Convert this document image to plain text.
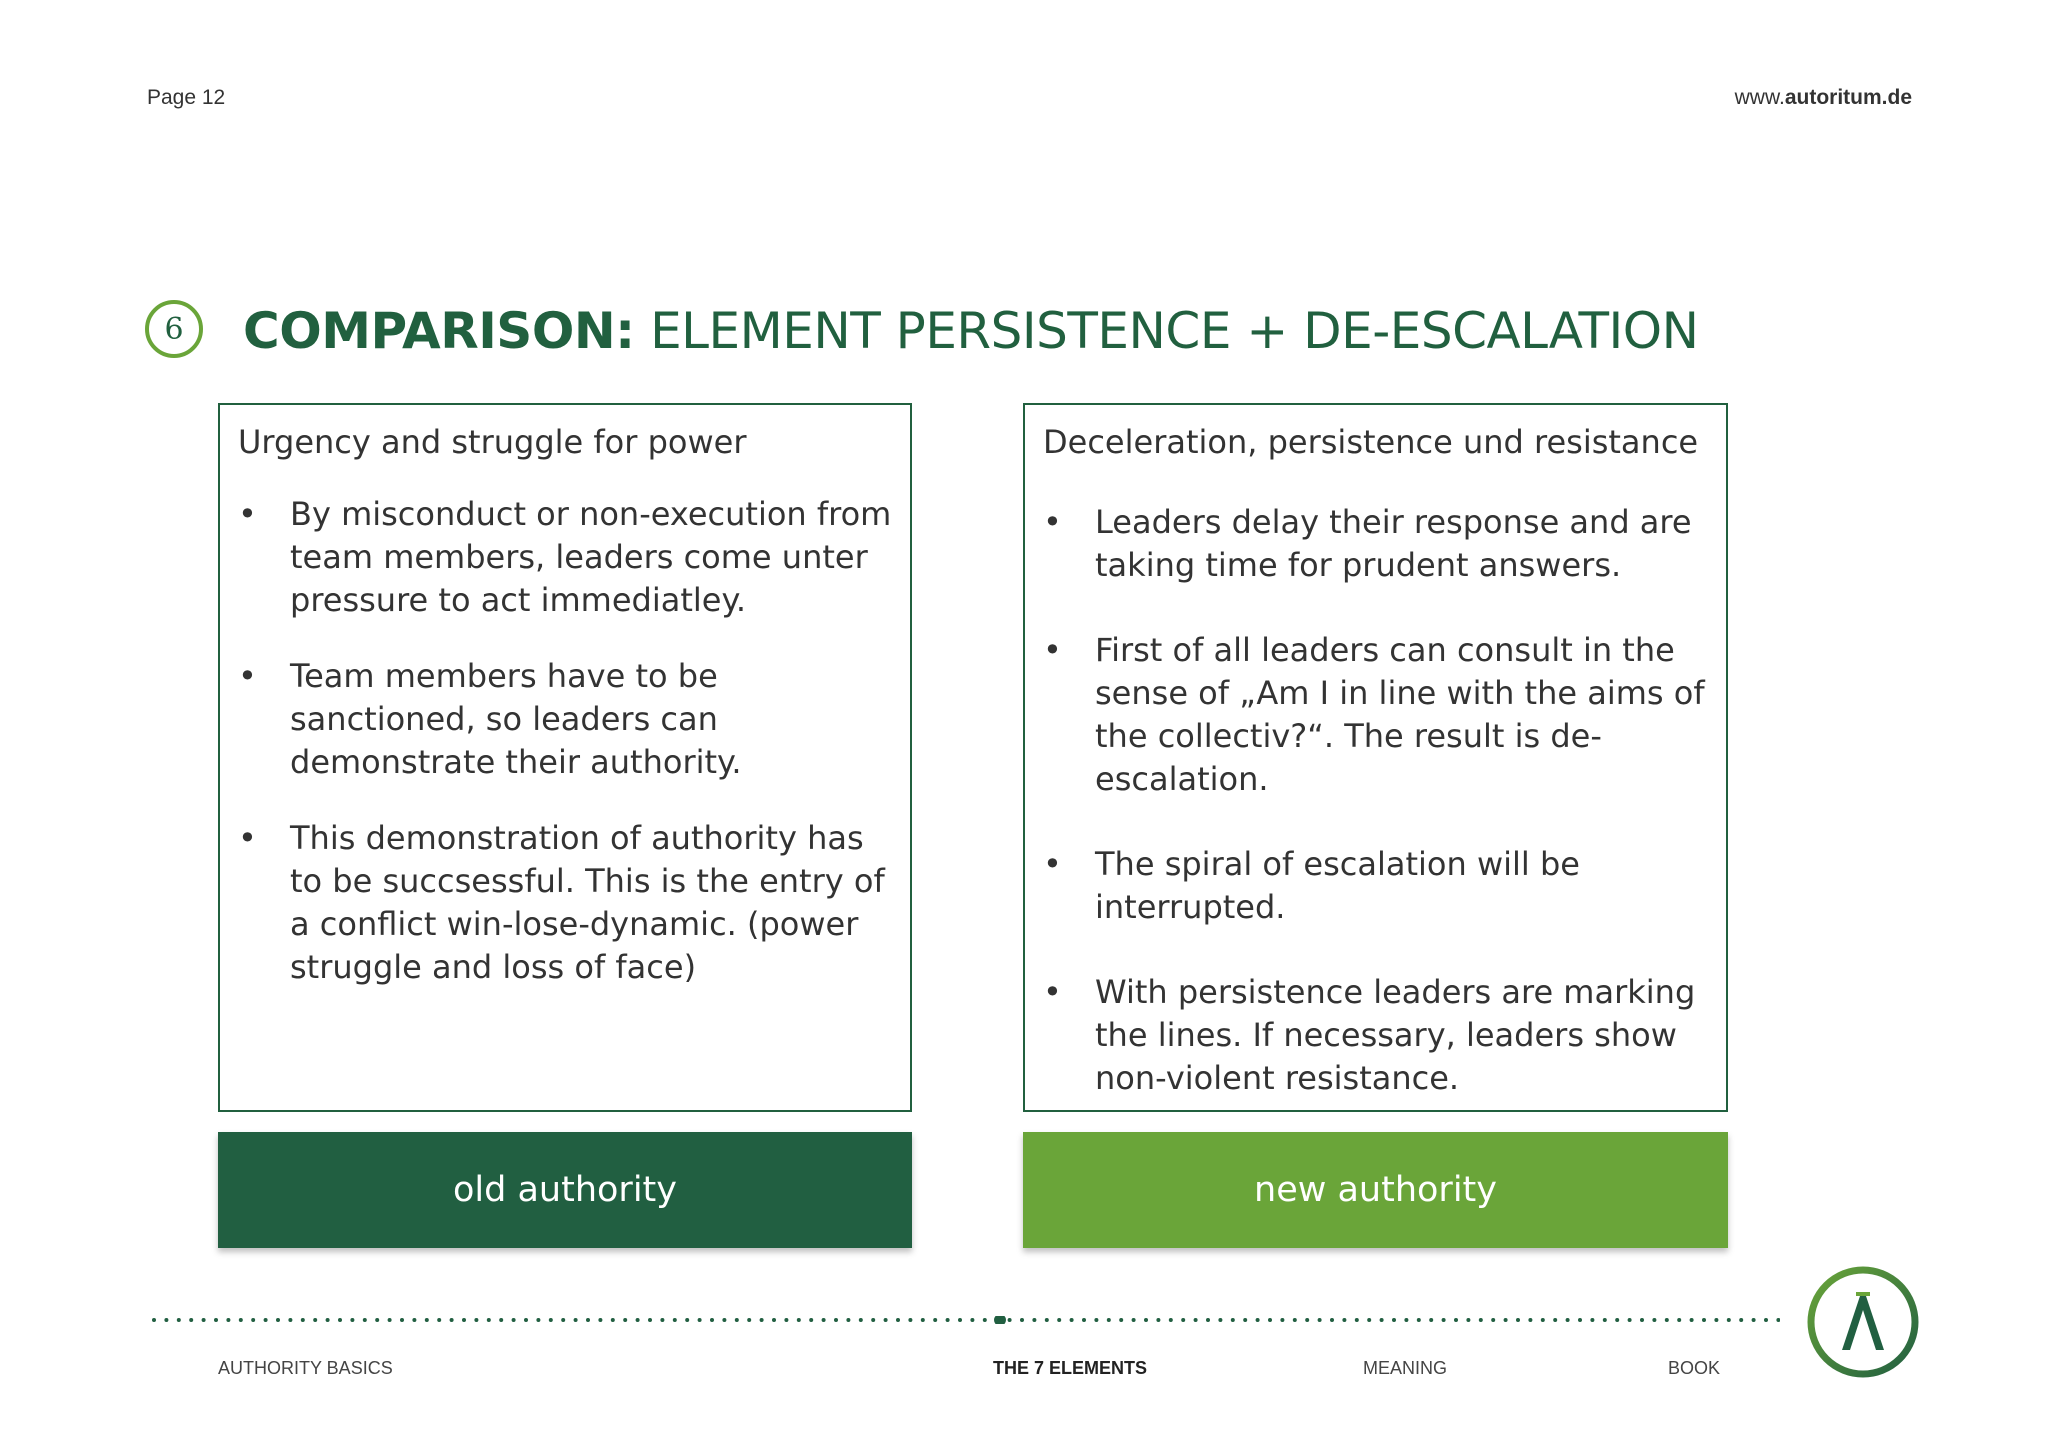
Page 12	www.autoritum.de
6	COMPARISON: ELEMENT PERSISTENCE + DE-ESCALATION
Urgency and struggle for power
• By misconduct or non-execution from team members, leaders come unter pressure to act immediatley.
• Team members have to be sanctioned, so leaders can demonstrate their authority.
• This demonstration of authority has to be succsessful. This is the entry of a conflict win-lose-dynamic. (power struggle and loss of face)
Deceleration, persistence und resistance
• Leaders delay their response and are taking time for prudent answers.
• First of all leaders can consult in the sense of „Am I in line with the aims of the collectiv?“. The result is de-escalation.
• The spiral of escalation will be interrupted.
• With persistence leaders are marking the lines. If necessary, leaders show non-violent resistance.
old authority	new authority
AUTHORITY BASICS	THE 7 ELEMENTS	MEANING	BOOK
